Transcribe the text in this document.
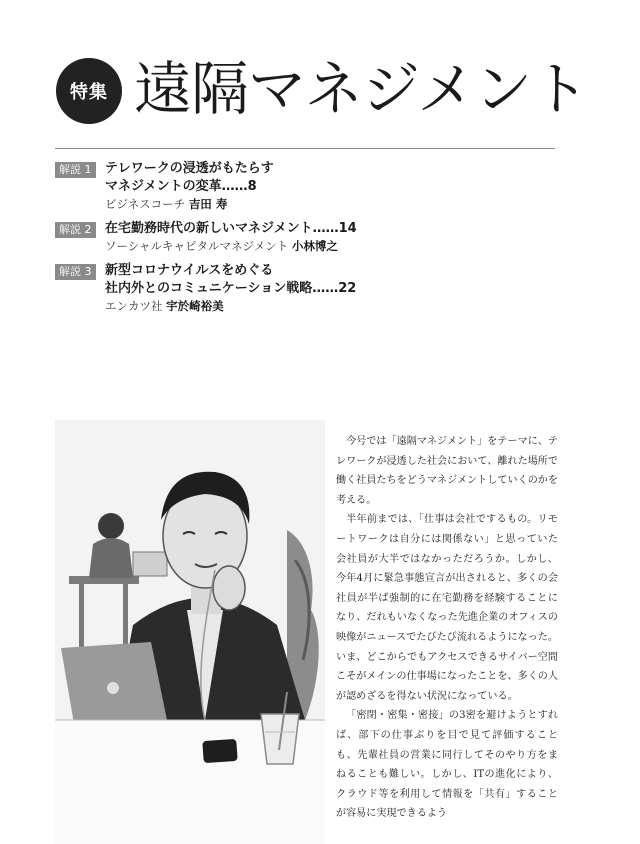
特集 遠隔マネジメント
解説 1	テレワークの浸透がもたらす
マネジメントの変革……8
ビジネスコーチ 吉田 寿
解説 2	在宅勤務時代の新しいマネジメント……14
ソーシャルキャピタルマネジメント 小林博之
解説 3	新型コロナウイルスをめぐる
社内外とのコミュニケーション戦略……22
エンカツ社 宇於崎裕美

今号では「遠隔マネジメント」をテーマに、テレワークが浸透した社会において、離れた場所で働く社員たちをどうマネジメントしていくのかを考える。

半年前までは、「仕事は会社でするもの。リモートワークは自分には関係ない」と思っていた会社員が大半ではなかっただろうか。しかし、今年4月に緊急事態宣言が出されると、多くの会社員が半ば強制的に在宅勤務を経験することになり、だれもいなくなった先進企業のオフィスの映像がニュースでたびたび流れるようになった。いま、どこからでもアクセスできるサイバー空間こそがメインの仕事場になったことを、多くの人が認めざるを得ない状況になっている。

「密閉・密集・密接」の3密を避けようとすれば、部下の仕事ぶりを目で見て評価することも、先輩社員の営業に同行してそのやり方をまねることも難しい。しかし、ITの進化により、クラウド等を利用して情報を「共有」することが容易に実現できるよう
